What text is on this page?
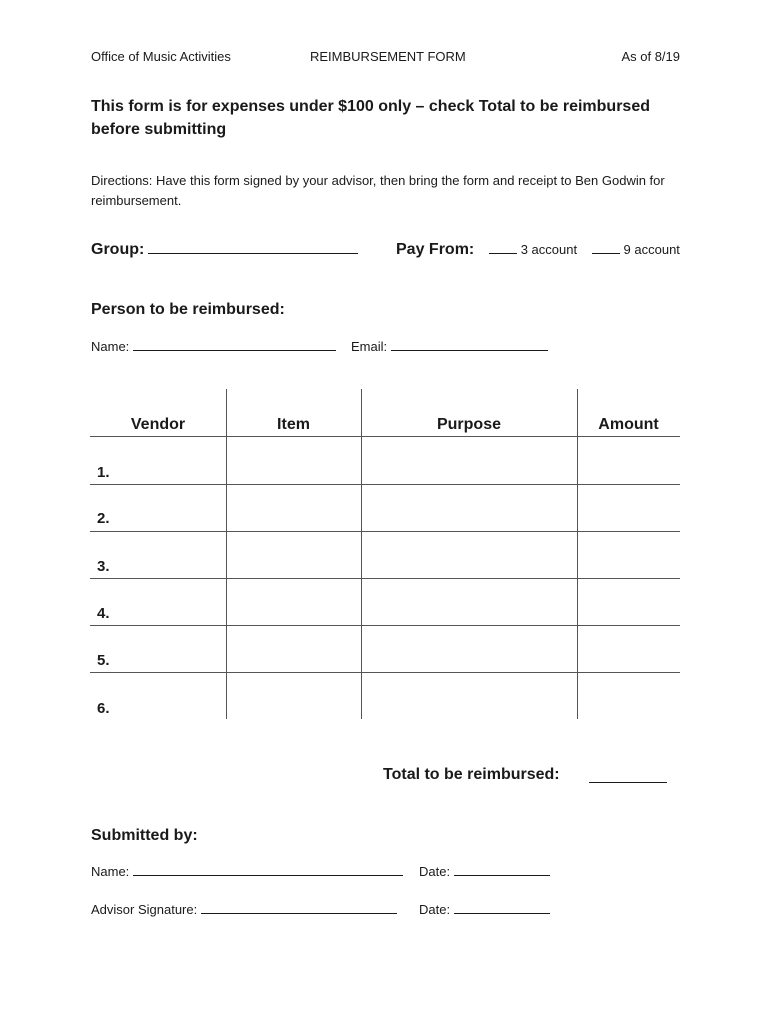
Office of Music Activities	REIMBURSEMENT FORM	As of 8/19
This form is for expenses under $100 only – check Total to be reimbursed before submitting
Directions: Have this form signed by your advisor, then bring the form and receipt to Ben Godwin for reimbursement.
Group:	Pay From:	3 account	9 account
Person to be reimbursed:
Name:	Email:
Vendor	Item	Purpose	Amount
1.
2.
3.
4.
5.
6.
Total to be reimbursed:
Submitted by:
Name:	Date:
Advisor Signature:	Date:
